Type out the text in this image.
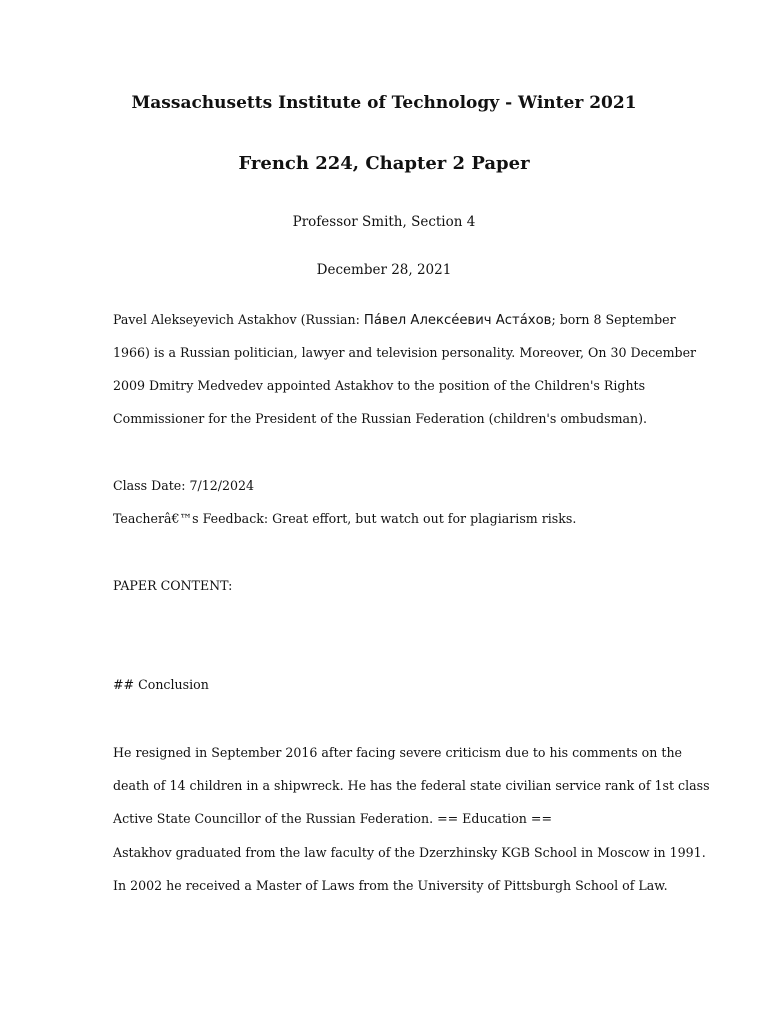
Massachusetts Institute of Technology - Winter 2021
French 224, Chapter 2 Paper
Professor Smith, Section 4
December 28, 2021
Pavel Alekseyevich Astakhov (Russian: Па́вел Алексе́евич Аста́хов; born 8 September
1966) is a Russian politician, lawyer and television personality. Moreover, On 30 December
2009 Dmitry Medvedev appointed Astakhov to the position of the Children's Rights
Commissioner for the President of the Russian Federation (children's ombudsman).
Class Date: 7/12/2024
Teacherâ€™s Feedback: Great effort, but watch out for plagiarism risks.
PAPER CONTENT:
## Conclusion
He resigned in September 2016 after facing severe criticism due to his comments on the
death of 14 children in a shipwreck. He has the federal state civilian service rank of 1st class
Active State Councillor of the Russian Federation. == Education ==
Astakhov graduated from the law faculty of the Dzerzhinsky KGB School in Moscow in 1991.
In 2002 he received a Master of Laws from the University of Pittsburgh School of Law.
